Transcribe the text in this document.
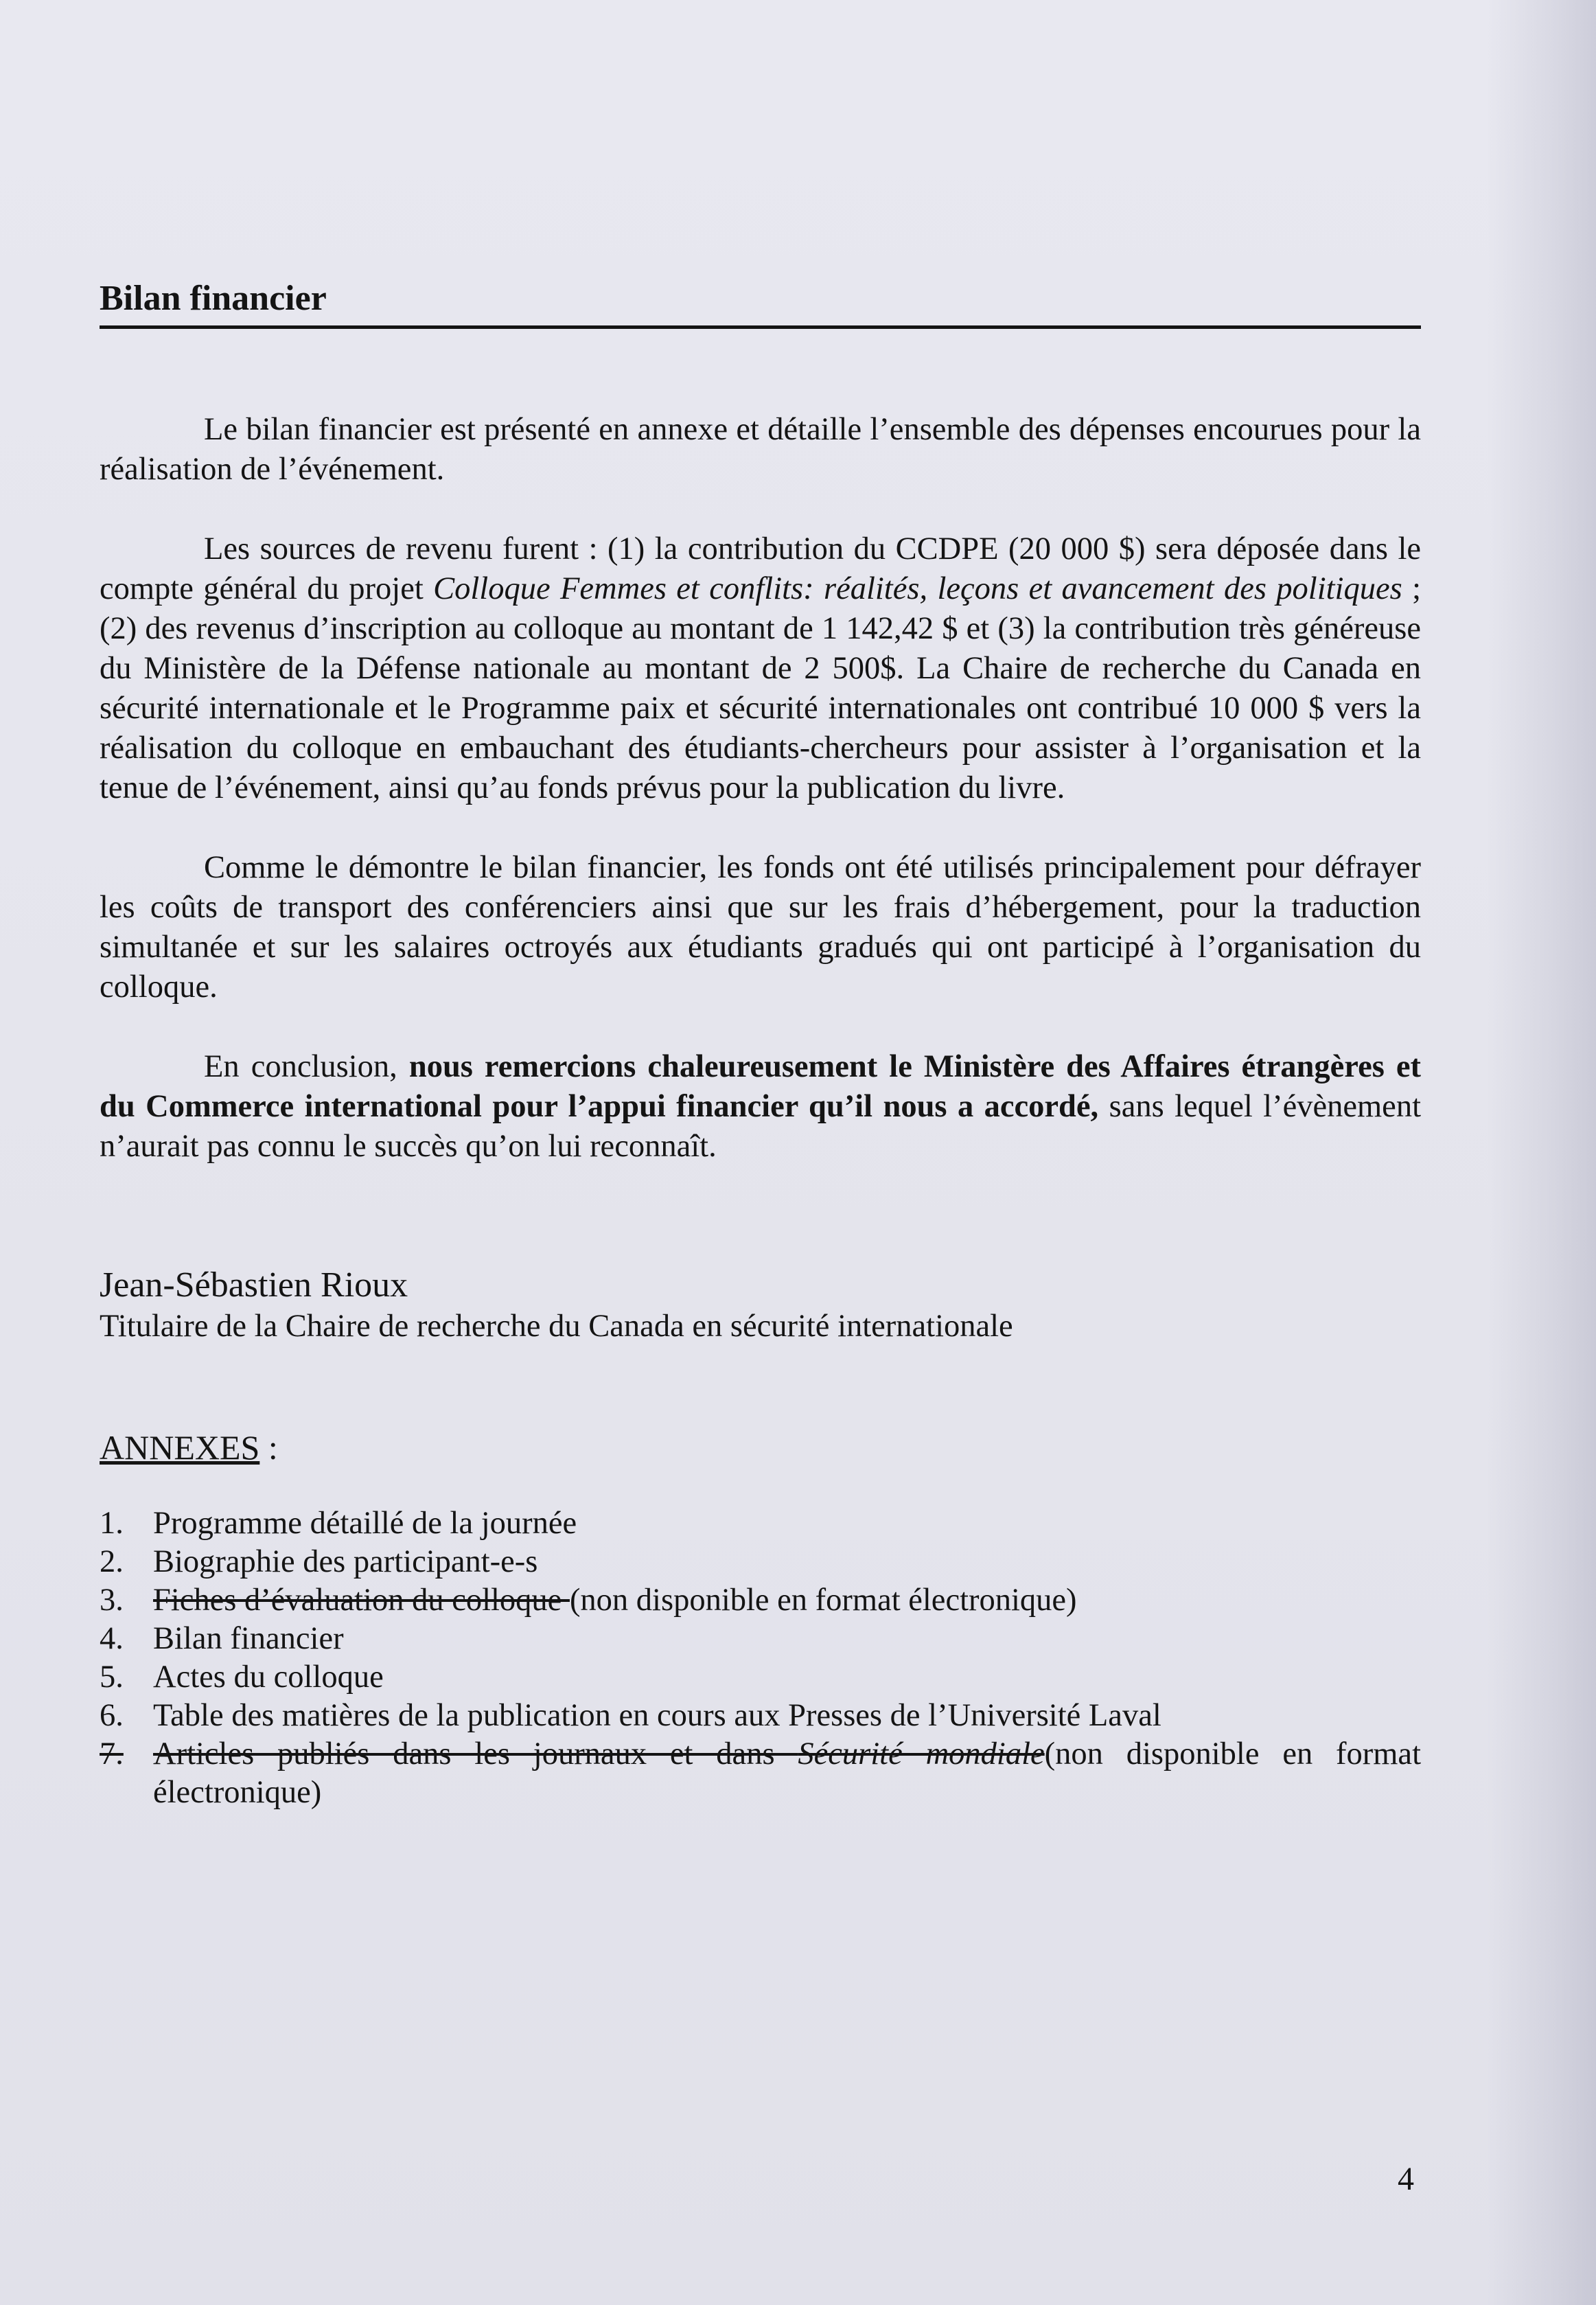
Bilan financier

Le bilan financier est présenté en annexe et détaille l’ensemble des dépenses encourues pour la réalisation de l’événement.

Les sources de revenu furent : (1) la contribution du CCDPE (20 000 $) sera déposée dans le compte général du projet Colloque Femmes et conflits: réalités, leçons et avancement des politiques ; (2) des revenus d’inscription au colloque au montant de 1 142,42 $ et (3) la contribution très généreuse du Ministère de la Défense nationale au montant de 2 500$. La Chaire de recherche du Canada en sécurité internationale et le Programme paix et sécurité internationales ont contribué 10 000 $ vers la réalisation du colloque en embauchant des étudiants-chercheurs pour assister à l’organisation et la tenue de l’événement, ainsi qu’au fonds prévus pour la publication du livre.

Comme le démontre le bilan financier, les fonds ont été utilisés principalement pour défrayer les coûts de transport des conférenciers ainsi que sur les frais d’hébergement, pour la traduction simultanée et sur les salaires octroyés aux étudiants gradués qui ont participé à l’organisation du colloque.

En conclusion, nous remercions chaleureusement le Ministère des Affaires étrangères et du Commerce international pour l’appui financier qu’il nous a accordé, sans lequel l’évènement n’aurait pas connu le succès qu’on lui reconnaît.

Jean-Sébastien Rioux
Titulaire de la Chaire de recherche du Canada en sécurité internationale
ANNEXES :
1. Programme détaillé de la journée
2. Biographie des participant-e-s
3. Fiches d’évaluation du colloque (non disponible en format électronique)
4. Bilan financier
5. Actes du colloque
6. Table des matières de la publication en cours aux Presses de l’Université Laval
7. Articles publiés dans les journaux et dans Sécurité mondiale(non disponible en format électronique)
4
